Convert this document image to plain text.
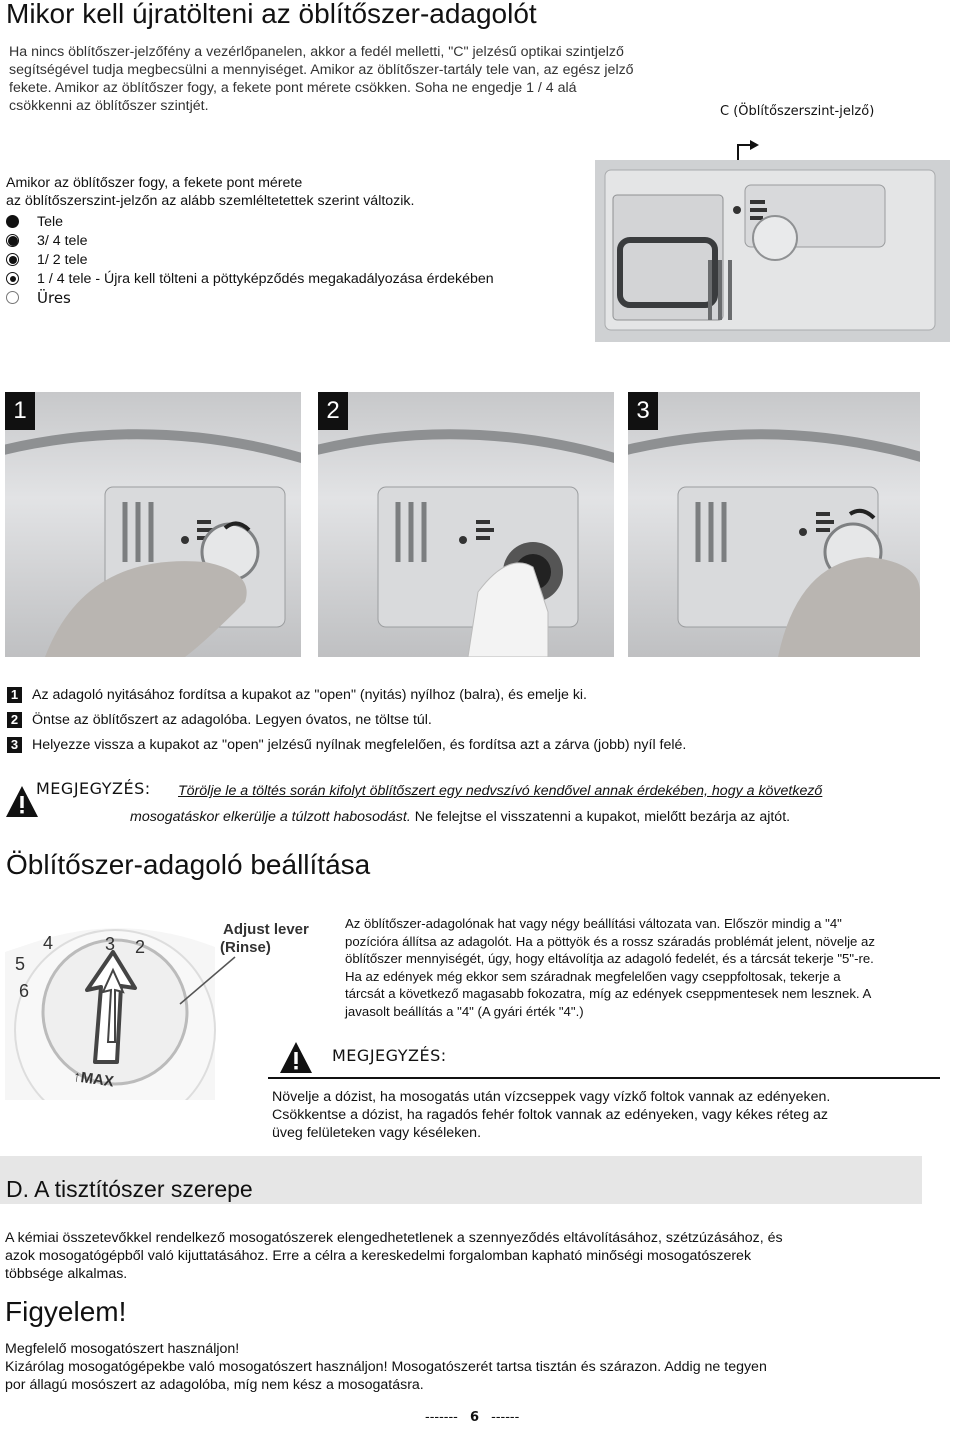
Mikor kell újratölteni az öblítőszer-adagolót

Ha nincs öblítőszer-jelzőfény a vezérlőpanelen, akkor a fedél melletti, "C" jelzésű optikai szintjelző

segítségével tudja megbecsülni a mennyiséget. Amikor az öblítőszer-tartály tele van, az egész jelző

fekete. Amikor az öblítőszer fogy, a fekete pont mérete csökken. Soha ne engedje 1 / 4 alá

csökkenni az öblítőszer szintjét.	C (Öblítőszerszint-jelző)

Amikor az öblítőszer fogy, a fekete pont mérete

az öblítőszerszint-jelzőn az alább szemléltetettek szerint változik.

Tele
3/ 4 tele
1/ 2 tele
1 / 4 tele - Újra kell tölteni a pöttyképződés megakadályozása érdekében
Üres
1	2	3
1 Az adagoló nyitásához fordítsa a kupakot az "open" (nyitás) nyílhoz (balra), és emelje ki.
2 Öntse az öblítőszert az adagolóba. Legyen óvatos, ne töltse túl.
3 Helyezze vissza a kupakot az "open" jelzésű nyílnak megfelelően, és fordítsa azt a zárva (jobb) nyíl felé.
MEGJEGYZÉS: Törölje le a töltés során kifolyt öblítőszert egy nedvszívó kendővel annak érdekében, hogy a következő
mosogatáskor elkerülje a túlzott habosodást. Ne felejtse el visszatenni a kupakot, mielőtt bezárja az ajtót.
Öblítőszer-adagoló beállítása
4	3 2
5
6
↑MAX
Adjust lever
(Rinse)

Az öblítőszer-adagolónak hat vagy négy beállítási változata van. Először mindig a "4"

pozícióra állítsa az adagolót. Ha a pöttyök és a rossz száradás problémát jelent, növelje az

öblítőszer mennyiségét, úgy, hogy eltávolítja az adagoló fedelét, és a tárcsát tekerje "5"-re.

Ha az edények még ekkor sem száradnak megfelelően vagy cseppfoltosak, tekerje a

tárcsát a következő magasabb fokozatra, míg az edények cseppmentesek nem lesznek. A

javasolt beállítás a "4" (A gyári érték "4".)

MEGJEGYZÉS:

Növelje a dózist, ha mosogatás után vízcseppek vagy vízkő foltok vannak az edényeken.

Csökkentse a dózist, ha ragadós fehér foltok vannak az edényeken, vagy kékes réteg az

üveg felületeken vagy késéleken.

D. A tisztítószer szerepe

A kémiai összetevőkkel rendelkező mosogatószerek elengedhetetlenek a szennyeződés eltávolításához, szétzúzásához, és

azok mosogatógépből való kijuttatásához. Erre a célra a kereskedelmi forgalomban kapható minőségi mosogatószerek

többsége alkalmas.

Figyelem!

Megfelelő mosogatószert használjon!

Kizárólag mosogatógépekbe való mosogatószert használjon! Mosogatószerét tartsa tisztán és szárazon. Addig ne tegyen

por állagú mosószert az adagolóba, míg nem kész a mosogatásra.

------- 6 ------
